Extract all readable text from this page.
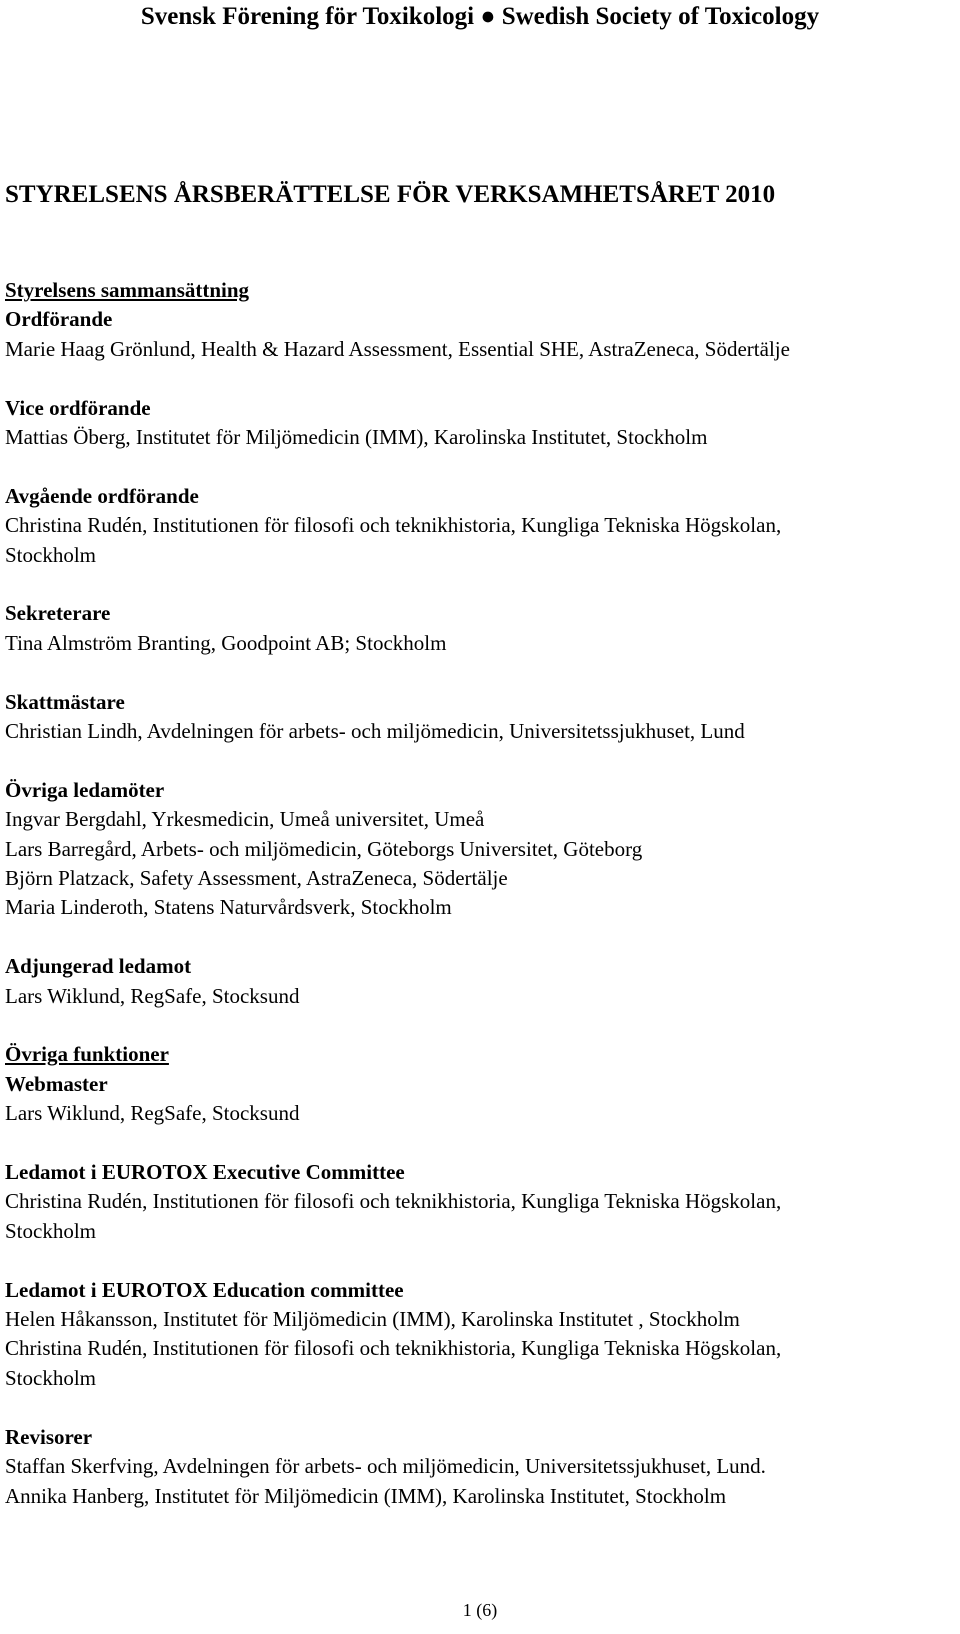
Svensk Förening för Toxikologi ● Swedish Society of Toxicology

STYRELSENS ÅRSBERÄTTELSE FÖR VERKSAMHETSÅRET 2010

Styrelsens sammansättning

Ordförande

Marie Haag Grönlund, Health & Hazard Assessment, Essential SHE, AstraZeneca, Södertälje

Vice ordförande

Mattias Öberg, Institutet för Miljömedicin (IMM), Karolinska Institutet, Stockholm

Avgående ordförande

Christina Rudén, Institutionen för filosofi och teknikhistoria, Kungliga Tekniska Högskolan,

Stockholm

Sekreterare

Tina Almström Branting, Goodpoint AB; Stockholm

Skattmästare

Christian Lindh, Avdelningen för arbets- och miljömedicin, Universitetssjukhuset, Lund

Övriga ledamöter

Ingvar Bergdahl, Yrkesmedicin, Umeå universitet, Umeå

Lars Barregård, Arbets- och miljömedicin, Göteborgs Universitet, Göteborg

Björn Platzack, Safety Assessment, AstraZeneca, Södertälje

Maria Linderoth, Statens Naturvårdsverk, Stockholm

Adjungerad ledamot

Lars Wiklund, RegSafe, Stocksund

Övriga funktioner

Webmaster

Lars Wiklund, RegSafe, Stocksund

Ledamot i EUROTOX Executive Committee

Christina Rudén, Institutionen för filosofi och teknikhistoria, Kungliga Tekniska Högskolan,

Stockholm

Ledamot i EUROTOX Education committee

Helen Håkansson, Institutet för Miljömedicin (IMM), Karolinska Institutet , Stockholm

Christina Rudén, Institutionen för filosofi och teknikhistoria, Kungliga Tekniska Högskolan,

Stockholm

Revisorer

Staffan Skerfving, Avdelningen för arbets- och miljömedicin, Universitetssjukhuset, Lund.

Annika Hanberg, Institutet för Miljömedicin (IMM), Karolinska Institutet, Stockholm

1 (6)
